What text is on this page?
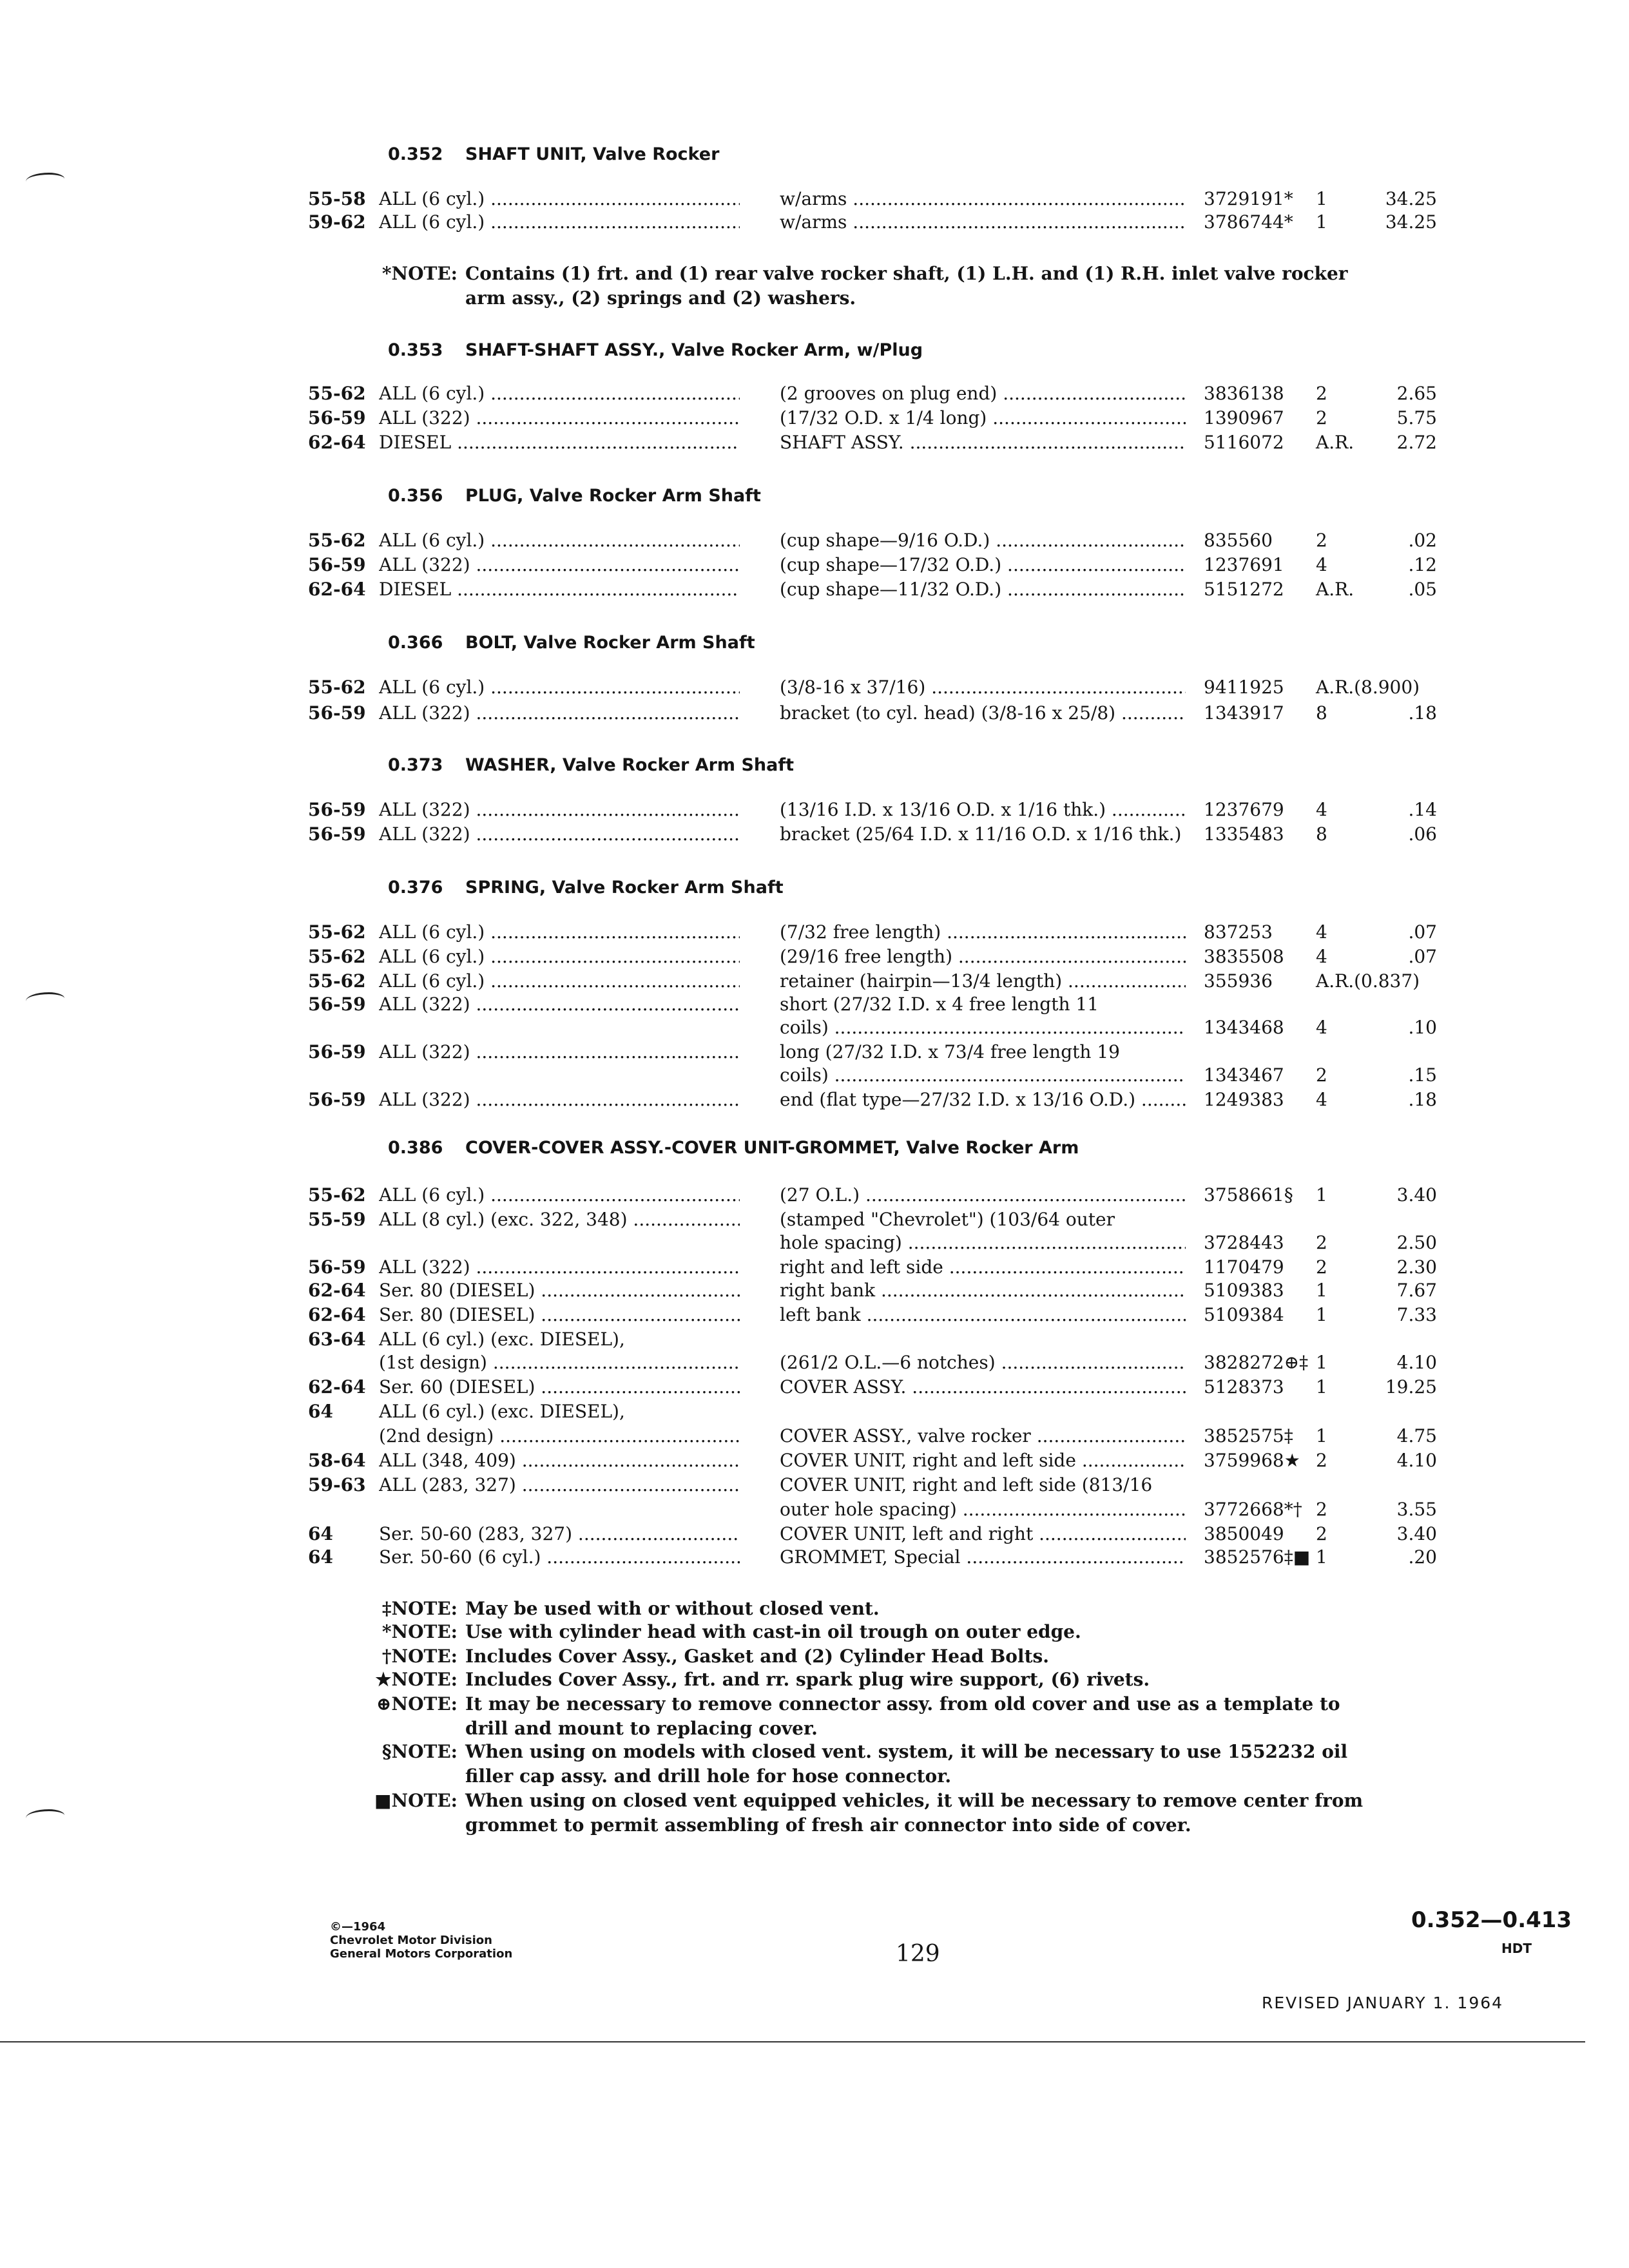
0.352 SHAFT UNIT, Valve Rocker
55-58 ALL (6 cyl.) .....	w/arms .....	3729191*	1	34.25
59-62 ALL (6 cyl.) .....	w/arms .....	3786744*	1	34.25
0.353 SHAFT-SHAFT ASSY., Valve Rocker Arm, w/Plug
55-62 ALL (6 cyl.) .....	(2 grooves on plug end) .....	3836138	2	2.65
56-59 ALL (322) .....	(17/32 O.D. x 1/4 long) .....	1390967	2	5.75
62-64 DIESEL .....	SHAFT ASSY. .....	5116072	A.R.	2.72
0.356 PLUG, Valve Rocker Arm Shaft
55-62 ALL (6 cyl.) .....	(cup shape—9/16 O.D.) .....	835560	2	.02
56-59 ALL (322) .....	(cup shape—17/32 O.D.) .....	1237691	4	.12
62-64 DIESEL .....	(cup shape—11/32 O.D.) .....	5151272	A.R.	.05
0.366 BOLT, Valve Rocker Arm Shaft
55-62 ALL (6 cyl.) .....	(3/8-16 x 37/16) .....	9411925	A.R.(8.900)
56-59 ALL (322) .....	bracket (to cyl. head) (3/8-16 x 25/8) .....	1343917	8	.18
0.373 WASHER, Valve Rocker Arm Shaft
56-59 ALL (322) .....	(13/16 I.D. x 13/16 O.D. x 1/16 thk.) .....	1237679	4	.14
56-59 ALL (322) .....	bracket (25/64 I.D. x 11/16 O.D. x 1/16 thk.) ..... 1335483	8	.06
0.376 SPRING, Valve Rocker Arm Shaft
55-62 ALL (6 cyl.) .....	(7/32 free length) .....	837253	4	.07
55-62 ALL (6 cyl.) .....	(29/16 free length) .....	3835508	4	.07
55-62 ALL (6 cyl.) .....	retainer (hairpin—13/4 length) .....	355936	A.R.(0.837)
56-59 ALL (322) .....	short (27/32 I.D. x 4 free length 11
coils) .....	1343468	4	.10
56-59 ALL (322) .....	long (27/32 I.D. x 73/4 free length 19
coils) .....	1343467	2	.15
56-59 ALL (322) .....	end (flat type—27/32 I.D. x 13/16 O.D.) .....	1249383	4	.18
0.386 COVER-COVER ASSY.-COVER UNIT-GROMMET, Valve Rocker Arm
55-62 ALL (6 cyl.) .....	(27 O.L.) .....	3758661§	1	3.40
55-59 ALL (8 cyl.) (exc. 322, 348) .....	(stamped "Chevrolet") (103/64 outer
hole spacing) .....	3728443	2	2.50
56-59 ALL (322) .....	right and left side .....	1170479	2	2.30
62-64 Ser. 80 (DIESEL) .....	right bank .....	5109383	1	7.67
62-64 Ser. 80 (DIESEL) .....	left bank .....	5109384	1	7.33
63-64 ALL (6 cyl.) (exc. DIESEL),
(1st design) .....	(261/2 O.L.—6 notches) .....	3828272⊕‡ 1	4.10
62-64 Ser. 60 (DIESEL) .....	COVER ASSY. .....	5128373	1	19.25
64	ALL (6 cyl.) (exc. DIESEL),
(2nd design) .....	COVER ASSY., valve rocker .....	3852575‡	1	4.75
58-64 ALL (348, 409) .....	COVER UNIT, right and left side .....	3759968★ 2	4.10
59-63 ALL (283, 327) .....	COVER UNIT, right and left side (813/16
outer hole spacing) .....	3772668*† 2	3.55
64	Ser. 50-60 (283, 327) .....	COVER UNIT, left and right .....	3850049	2	3.40
64	Ser. 50-60 (6 cyl.) .....	GROMMET, Special .....	3852576‡■ 1	.20
*NOTE: Contains (1) frt. and (1) rear valve rocker shaft, (1) L.H. and (1) R.H. inlet valve rocker arm assy., (2) springs and (2) washers.
‡NOTE: May be used with or without closed vent.
*NOTE: Use with cylinder head with cast-in oil trough on outer edge.
†NOTE: Includes Cover Assy., Gasket and (2) Cylinder Head Bolts.
★NOTE: Includes Cover Assy., frt. and rr. spark plug wire support, (6) rivets.
⊕NOTE: It may be necessary to remove connector assy. from old cover and use as a template to drill and mount to replacing cover.
§NOTE: When using on models with closed vent. system, it will be necessary to use 1552232 oil filler cap assy. and drill hole for hose connector.
■NOTE: When using on closed vent equipped vehicles, it will be necessary to remove center from grommet to permit assembling of fresh air connector into side of cover.
©—1964
Chevrolet Motor Division
General Motors Corporation	129
0.352—0.413
HDT
REVISED JANUARY 1. 1964
